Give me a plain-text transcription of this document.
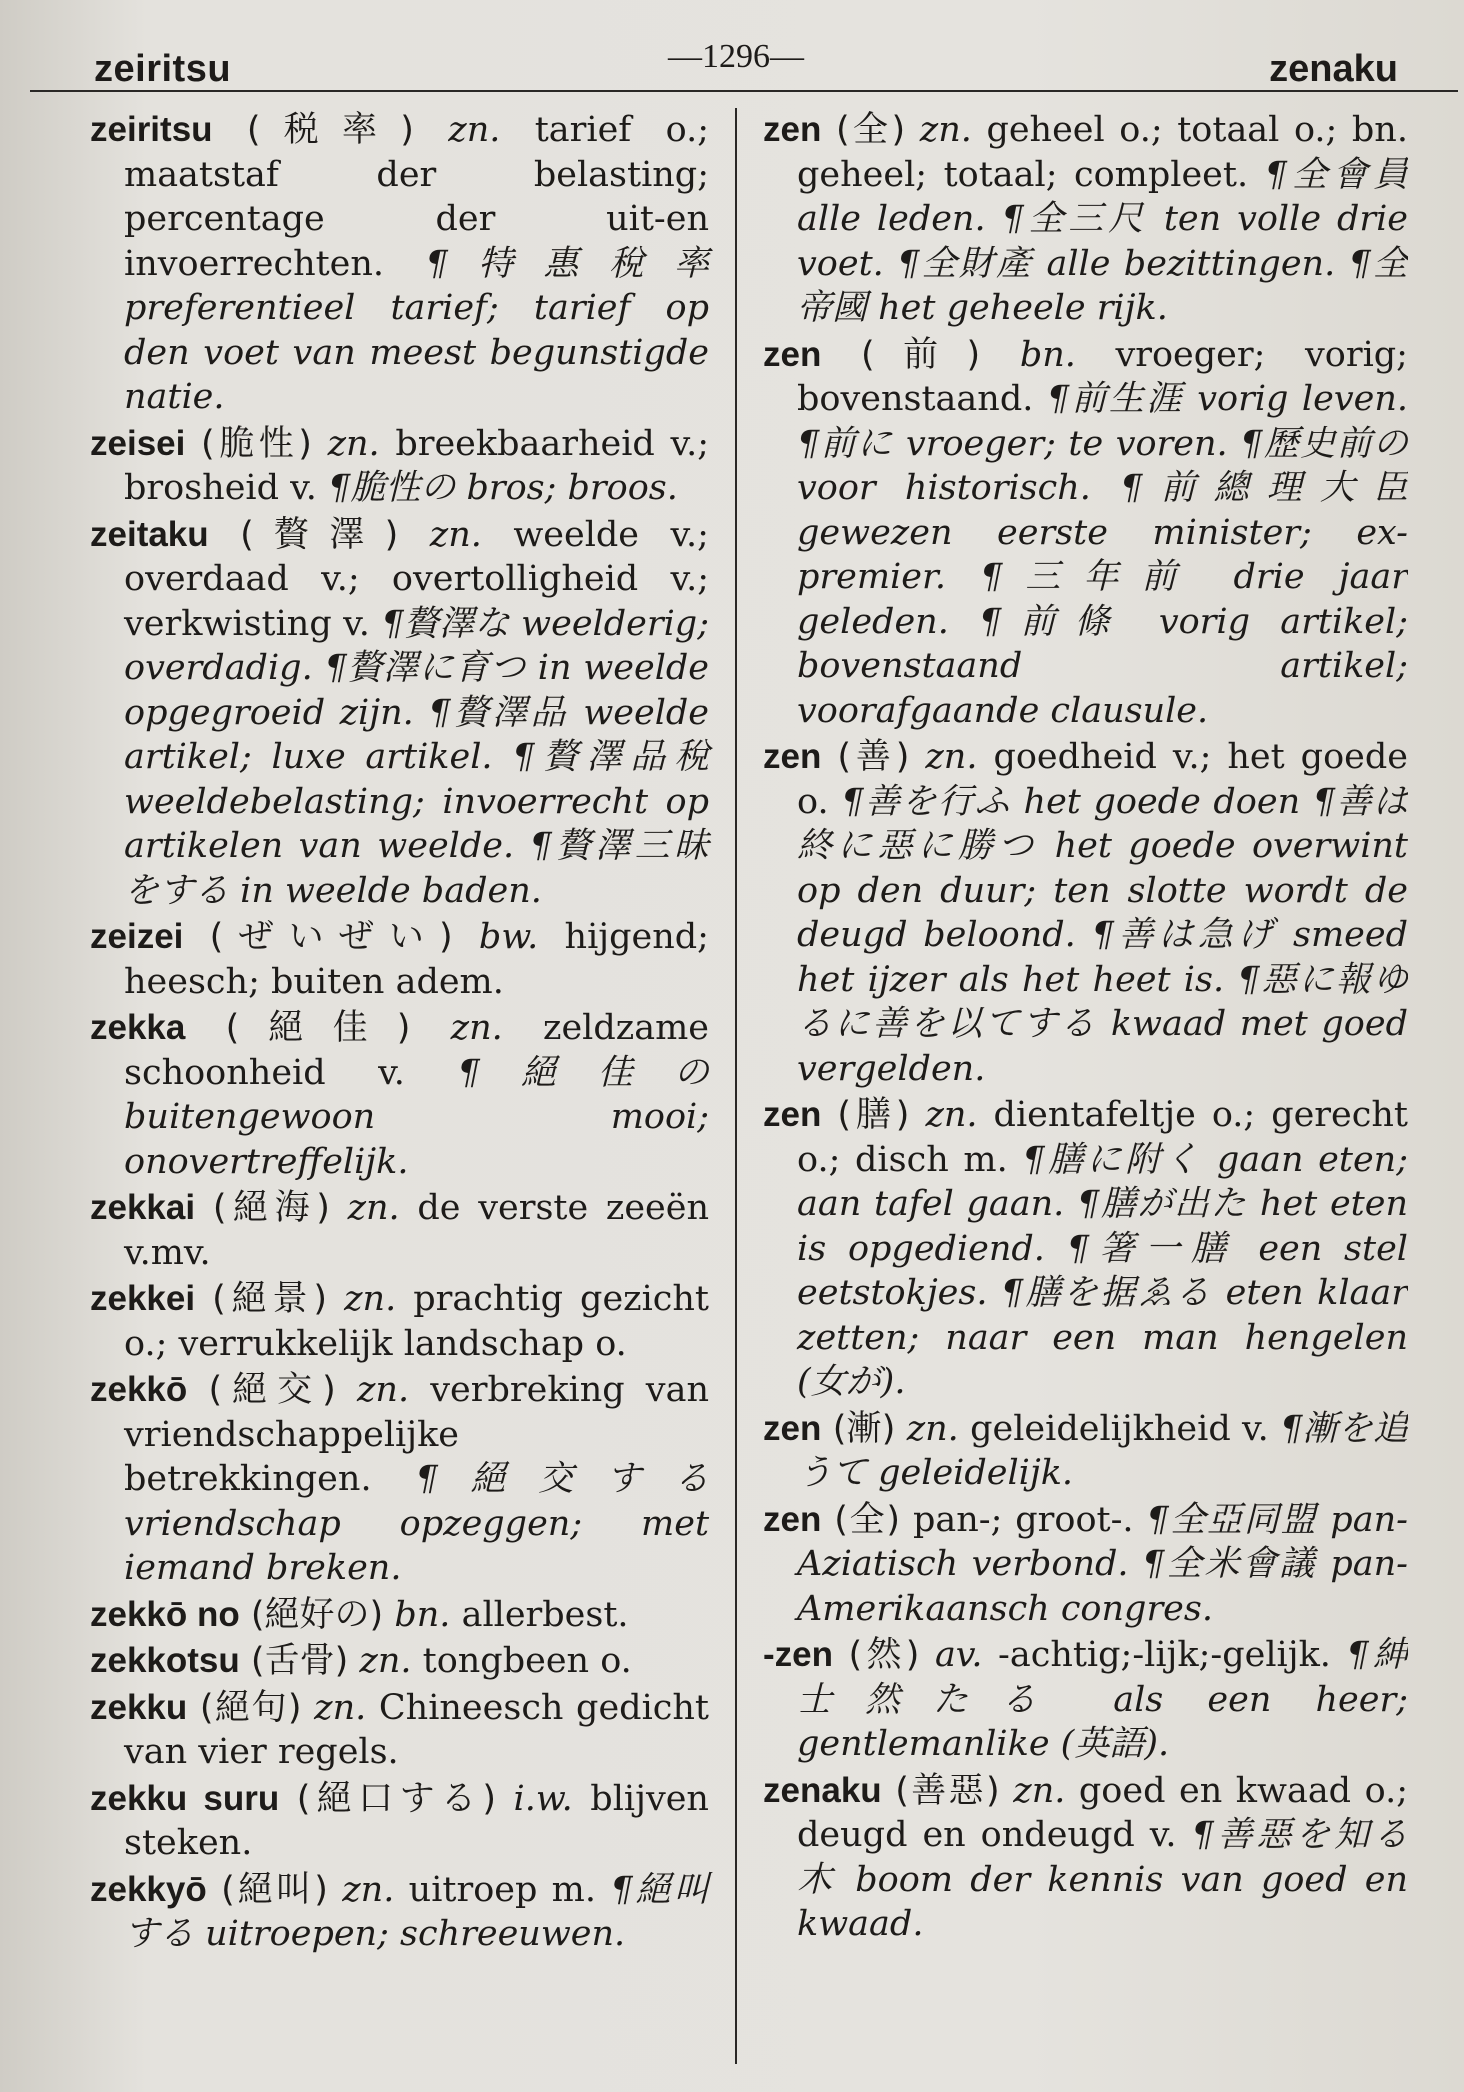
zeiritsu	—1296—	zenaku

zeiritsu (税率) zn. tarief o.; maatstaf der belasting; percentage der uit-en invoerrechten. ¶特惠稅率 preferentieel tarief; tarief op den voet van meest begunstigde natie.

zeisei (脆性) zn. breekbaarheid v.; brosheid v. ¶脆性の bros; broos.

zeitaku (贅澤) zn. weelde v.; overdaad v.; overtolligheid v.; verkwisting v. ¶贅澤な weelderig; overdadig. ¶贅澤に育つ in weelde opgegroeid zijn. ¶贅澤品 weelde artikel; luxe artikel. ¶贅澤品稅 weeldebelasting; invoerrecht op artikelen van weelde. ¶贅澤三昧をする in weelde baden.

zeizei (ぜいぜい) bw. hijgend; heesch; buiten adem.

zekka (絕佳) zn. zeldzame schoonheid v. ¶絕佳の buitengewoon mooi; onovertreffelijk.

zekkai (絕海) zn. de verste zeeën v.mv.

zekkei (絕景) zn. prachtig gezicht o.; verrukkelijk landschap o.

zekkō (絕交) zn. verbreking van vriendschappelijke betrekkingen. ¶絕交する vriendschap opzeggen; met iemand breken.

zekkō no (絕好の) bn. allerbest.

zekkotsu (舌骨) zn. tongbeen o.

zekku (絕句) zn. Chineesch gedicht van vier regels.

zekku suru (絕口する) i.w. blijven steken.

zekkyō (絕叫) zn. uitroep m. ¶絕叫する uitroepen; schreeuwen.

zen (全) zn. geheel o.; totaal o.; bn. geheel; totaal; compleet. ¶全會員 alle leden. ¶全三尺 ten volle drie voet. ¶全財產 alle bezittingen. ¶全帝國 het geheele rijk.

zen (前) bn. vroeger; vorig; bovenstaand. ¶前生涯 vorig leven. ¶前に vroeger; te voren. ¶歷史前の voor historisch. ¶前總理大臣 gewezen eerste minister; ex-premier. ¶三年前 drie jaar geleden. ¶前條 vorig artikel; bovenstaand artikel; voorafgaande clausule.

zen (善) zn. goedheid v.; het goede o. ¶善を行ふ het goede doen ¶善は終に惡に勝つ het goede overwint op den duur; ten slotte wordt de deugd beloond. ¶善は急げ smeed het ijzer als het heet is. ¶惡に報ゆるに善を以てする kwaad met goed vergelden.

zen (膳) zn. dientafeltje o.; gerecht o.; disch m. ¶膳に附く gaan eten; aan tafel gaan. ¶膳が出た het eten is opgediend. ¶箸一膳 een stel eetstokjes. ¶膳を据ゑる eten klaar zetten; naar een man hengelen (女が).

zen (漸) zn. geleidelijkheid v. ¶漸を追うて geleidelijk.

zen (全) pan-; groot-. ¶全亞同盟 pan-Aziatisch verbond. ¶全米會議 pan-Amerikaansch congres.

-zen (然) av. -achtig;-lijk;-gelijk. ¶紳士然たる als een heer; gentlemanlike (英語).

zenaku (善惡) zn. goed en kwaad o.; deugd en ondeugd v. ¶善惡を知る木 boom der kennis van goed en kwaad.
